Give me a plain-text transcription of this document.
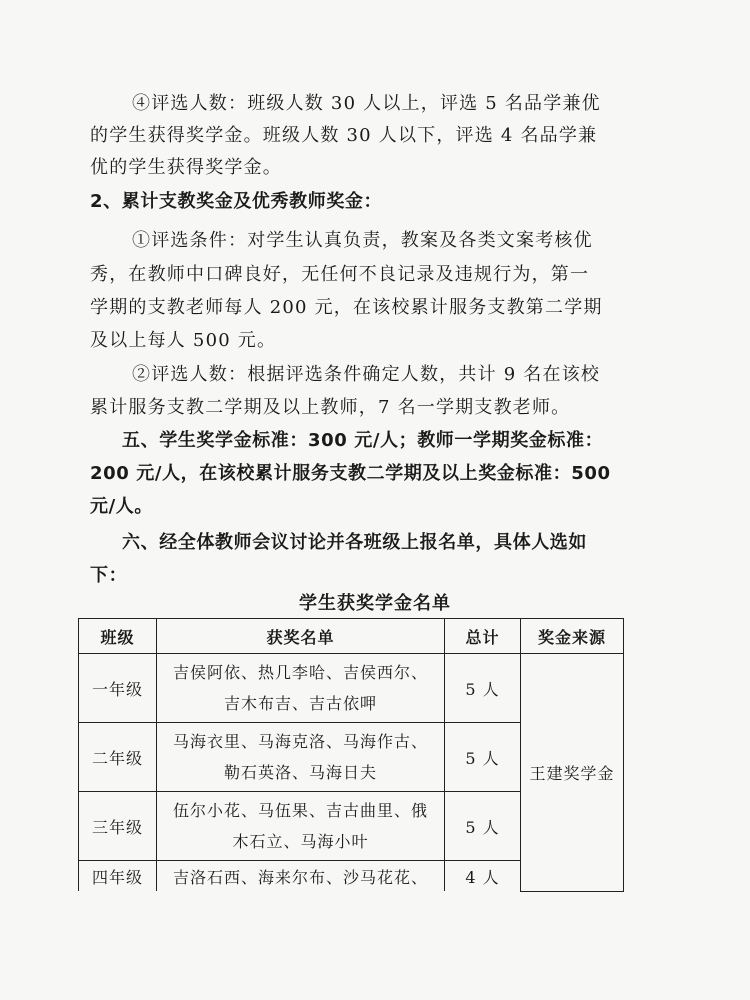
④评选人数：班级人数 30 人以上，评选 5 名品学兼优
的学生获得奖学金。班级人数 30 人以下，评选 4 名品学兼
优的学生获得奖学金。
2、累计支教奖金及优秀教师奖金：
①评选条件：对学生认真负责，教案及各类文案考核优
秀，在教师中口碑良好，无任何不良记录及违规行为，第一
学期的支教老师每人 200 元，在该校累计服务支教第二学期
及以上每人 500 元。
②评选人数：根据评选条件确定人数，共计 9 名在该校
累计服务支教二学期及以上教师，7 名一学期支教老师。
五、学生奖学金标准：300 元/人；教师一学期奖金标准：
200 元/人，在该校累计服务支教二学期及以上奖金标准：500
元/人。
六、经全体教师会议讨论并各班级上报名单，具体人选如
下：
学生获奖学金名单
班级	获奖名单	总计	奖金来源
一年级	吉侯阿依、热几李哈、吉侯西尔、
吉木布吉、吉古依呷	5 人	王建奖学金
二年级	马海衣里、马海克洛、马海作古、
勒石英洛、马海日夫	5 人	
三年级	伍尔小花、马伍果、吉古曲里、俄
木石立、马海小叶	5 人	
四年级	吉洛石西、海来尔布、沙马花花、	4 人	
